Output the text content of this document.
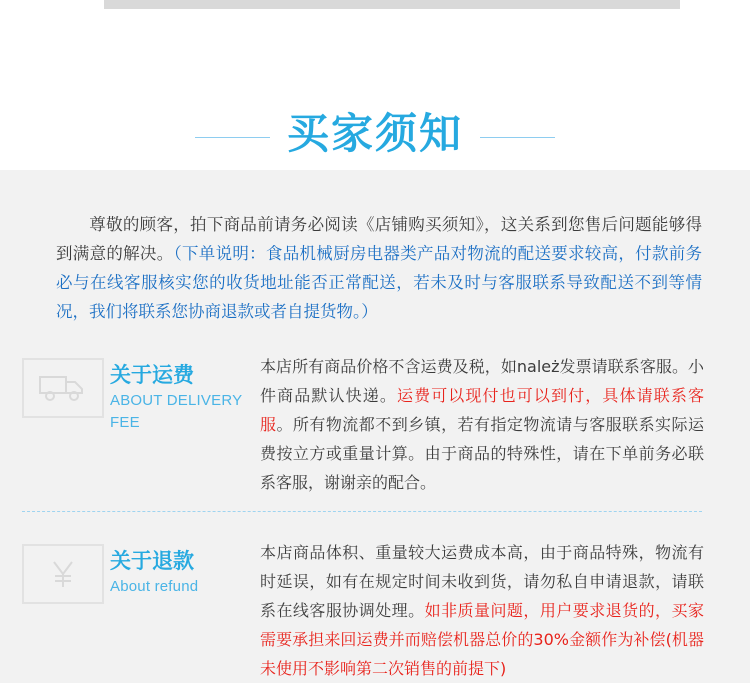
买家须知
尊敬的顾客，拍下商品前请务必阅读《店铺购买须知》，这关系到您售后问题能够得到满意的解决。（下单说明：食品机械厨房电器类产品对物流的配送要求较高，付款前务必与在线客服核实您的收货地址能否正常配送，若未及时与客服联系导致配送不到等情况，我们将联系您协商退款或者自提货物。）
关于运费
ABOUT DELIVERY FEE
本店所有商品价格不含运费及税，如należ发票请联系客服。小件商品默认快递。运费可以现付也可以到付，具体请联系客服。所有物流都不到乡镇，若有指定物流请与客服联系实际运费按立方或重量计算。由于商品的特殊性，请在下单前务必联系客服，谢谢亲的配合。
关于退款
About refund
本店商品体积、重量较大运费成本高，由于商品特殊，物流有时延误，如有在规定时间未收到货，请勿私自申请退款，请联系在线客服协调处理。如非质量问题，用户要求退货的，买家需要承担来回运费并而赔偿机器总价的30%金额作为补偿(机器未使用不影响第二次销售的前提下)
